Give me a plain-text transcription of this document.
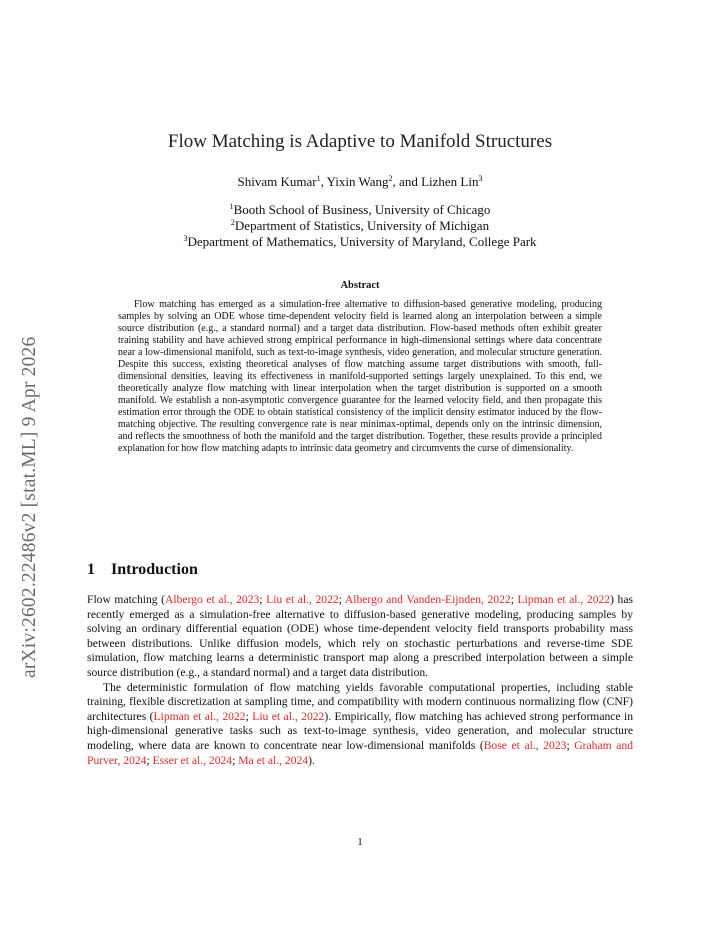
arXiv:2602.22486v2 [stat.ML] 9 Apr 2026
Flow Matching is Adaptive to Manifold Structures
Shivam Kumar$^1$, Yixin Wang$^2$, and Lizhen Lin$^3$
$^1$Booth School of Business, University of Chicago
$^2$Department of Statistics, University of Michigan
$^3$Department of Mathematics, University of Maryland, College Park
Abstract

Flow matching has emerged as a simulation-free alternative to diffusion-based generative modeling, producing samples by solving an ODE whose time-dependent velocity field is learned along an interpolation between a simple source distribution (e.g., a standard normal) and a target data distribution. Flow-based methods often exhibit greater training stability and have achieved strong empirical performance in high-dimensional settings where data concentrate near a low-dimensional manifold, such as text-to-image synthesis, video generation, and molecular structure generation. Despite this success, existing theoretical analyses of flow matching assume target distributions with smooth, full-dimensional densities, leaving its effectiveness in manifold-supported settings largely unexplained. To this end, we theoretically analyze flow matching with linear interpolation when the target distribution is supported on a smooth manifold. We establish a non-asymptotic convergence guarantee for the learned velocity field, and then propagate this estimation error through the ODE to obtain statistical consistency of the implicit density estimator induced by the flow-matching objective. The resulting convergence rate is near minimax-optimal, depends only on the intrinsic dimension, and reflects the smoothness of both the manifold and the target distribution. Together, these results provide a principled explanation for how flow matching adapts to intrinsic data geometry and circumvents the curse of dimensionality.

1 Introduction

Flow matching (Albergo et al., 2023; Liu et al., 2022; Albergo and Vanden-Eijnden, 2022; Lipman et al., 2022) has recently emerged as a simulation-free alternative to diffusion-based generative modeling, producing samples by solving an ordinary differential equation (ODE) whose time-dependent velocity field transports probability mass between distributions. Unlike diffusion models, which rely on stochastic perturbations and reverse-time SDE simulation, flow matching learns a deterministic transport map along a prescribed interpolation between a simple source distribution (e.g., a standard normal) and a target data distribution.

The deterministic formulation of flow matching yields favorable computational properties, including stable training, flexible discretization at sampling time, and compatibility with modern continuous normalizing flow (CNF) architectures (Lipman et al., 2022; Liu et al., 2022). Empirically, flow matching has achieved strong performance in high-dimensional generative tasks such as text-to-image synthesis, video generation, and molecular structure modeling, where data are known to concentrate near low-dimensional manifolds (Bose et al., 2023; Graham and Purver, 2024; Esser et al., 2024; Ma et al., 2024).

1
